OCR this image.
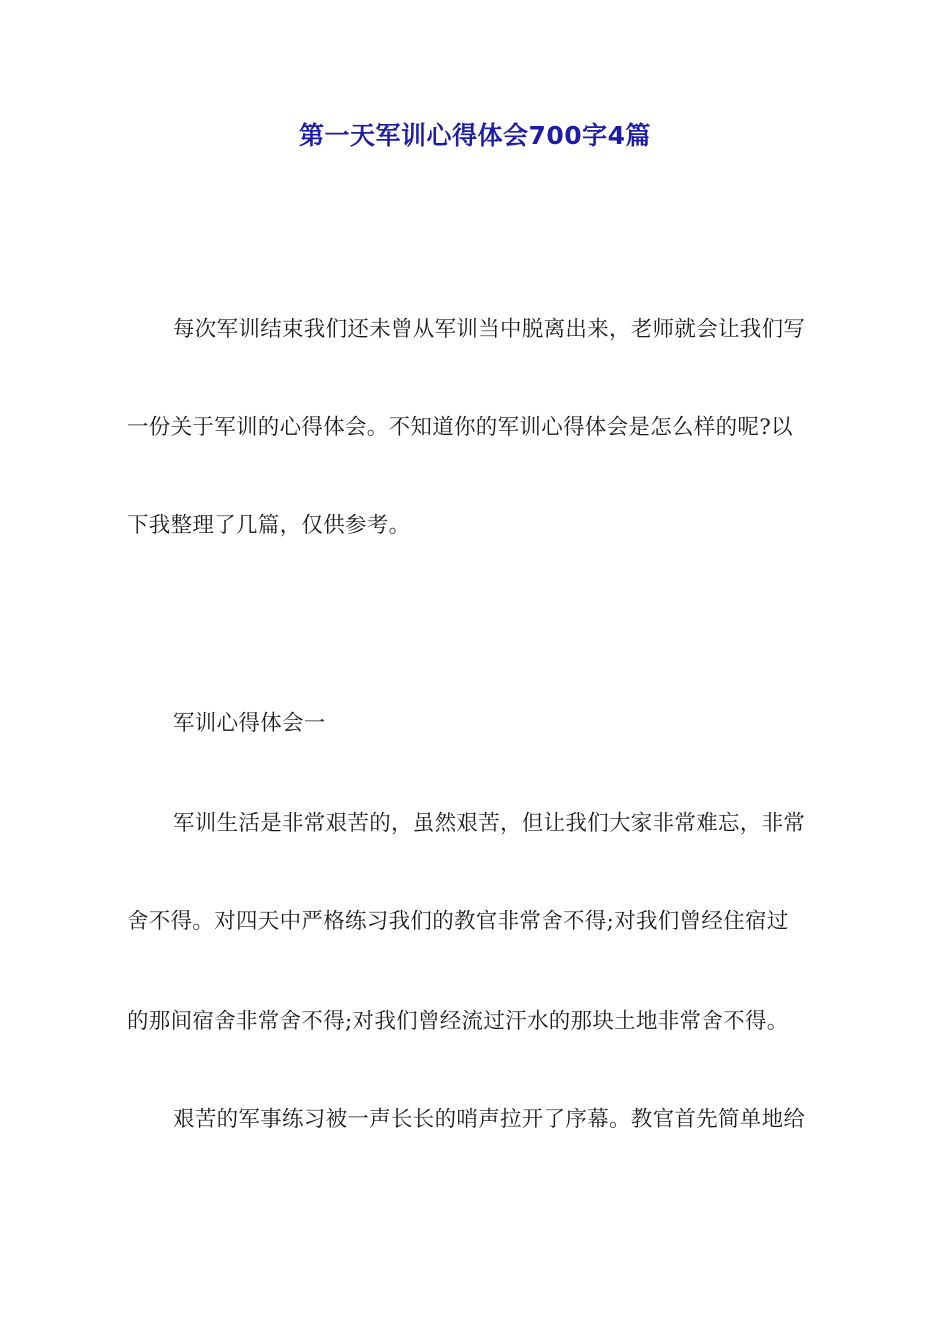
第一天军训心得体会700字4篇
每次军训结束我们还未曾从军训当中脱离出来，老师就会让我们写
一份关于军训的心得体会。不知道你的军训心得体会是怎么样的呢?以
下我整理了几篇，仅供参考。
军训心得体会一
军训生活是非常艰苦的，虽然艰苦，但让我们大家非常难忘，非常
舍不得。对四天中严格练习我们的教官非常舍不得;对我们曾经住宿过
的那间宿舍非常舍不得;对我们曾经流过汗水的那块土地非常舍不得。
艰苦的军事练习被一声长长的哨声拉开了序幕。教官首先简单地给
